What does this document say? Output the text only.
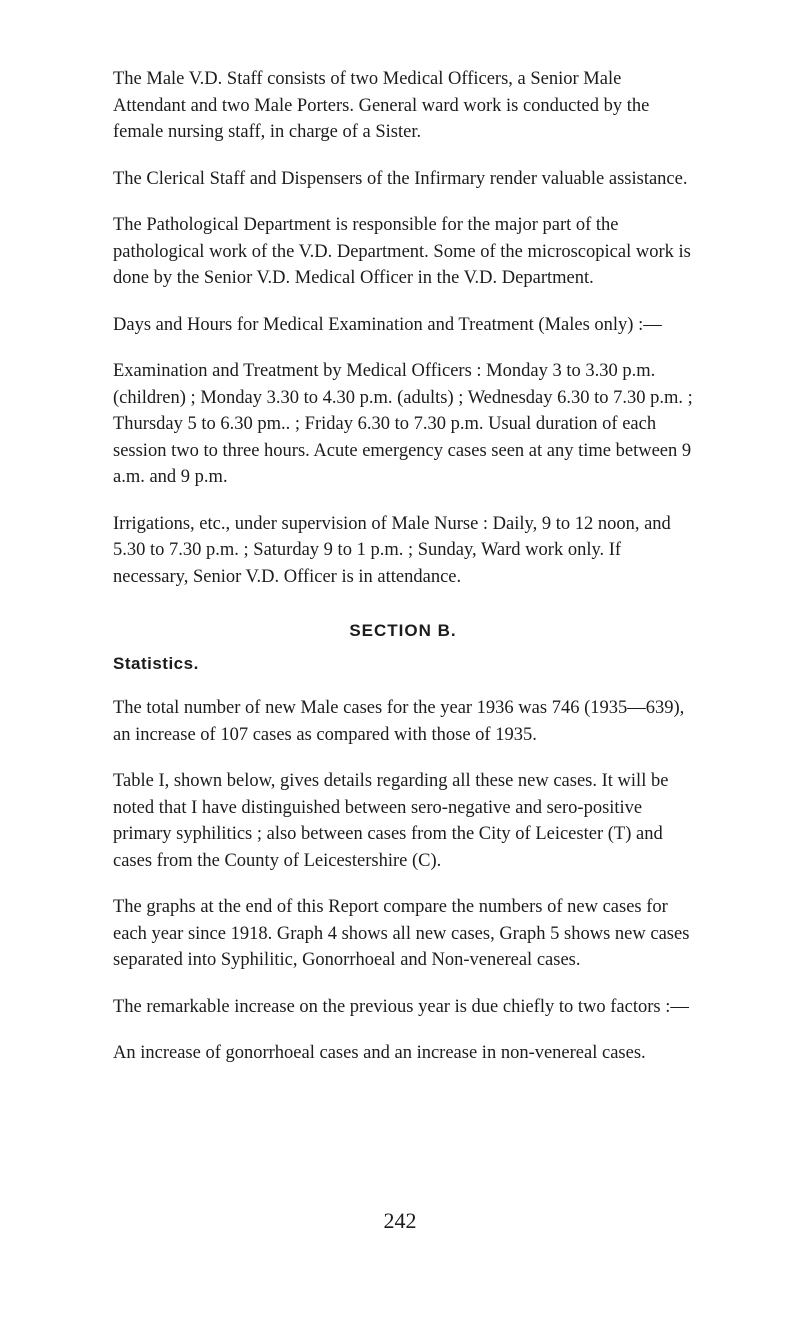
The Male V.D. Staff consists of two Medical Officers, a Senior Male Attendant and two Male Porters. General ward work is conducted by the female nursing staff, in charge of a Sister.

The Clerical Staff and Dispensers of the Infirmary render valuable assistance.

The Pathological Department is responsible for the major part of the pathological work of the V.D. Department. Some of the microscopical work is done by the Senior V.D. Medical Officer in the V.D. Department.

Days and Hours for Medical Examination and Treatment (Males only) :—

Examination and Treatment by Medical Officers : Monday 3 to 3.30 p.m. (children) ; Monday 3.30 to 4.30 p.m. (adults) ; Wednesday 6.30 to 7.30 p.m. ; Thursday 5 to 6.30 pm.. ; Friday 6.30 to 7.30 p.m. Usual duration of each session two to three hours. Acute emergency cases seen at any time between 9 a.m. and 9 p.m.

Irrigations, etc., under supervision of Male Nurse : Daily, 9 to 12 noon, and 5.30 to 7.30 p.m. ; Saturday 9 to 1 p.m. ; Sunday, Ward work only. If necessary, Senior V.D. Officer is in attendance.

SECTION B.
Statistics.

The total number of new Male cases for the year 1936 was 746 (1935—639), an increase of 107 cases as compared with those of 1935.

Table I, shown below, gives details regarding all these new cases. It will be noted that I have distinguished between sero-negative and sero-positive primary syphilitics ; also between cases from the City of Leicester (T) and cases from the County of Leicestershire (C).

The graphs at the end of this Report compare the numbers of new cases for each year since 1918. Graph 4 shows all new cases, Graph 5 shows new cases separated into Syphilitic, Gonorrhoeal and Non-venereal cases.

The remarkable increase on the previous year is due chiefly to two factors :—

An increase of gonorrhoeal cases and an increase in non-venereal cases.

242
